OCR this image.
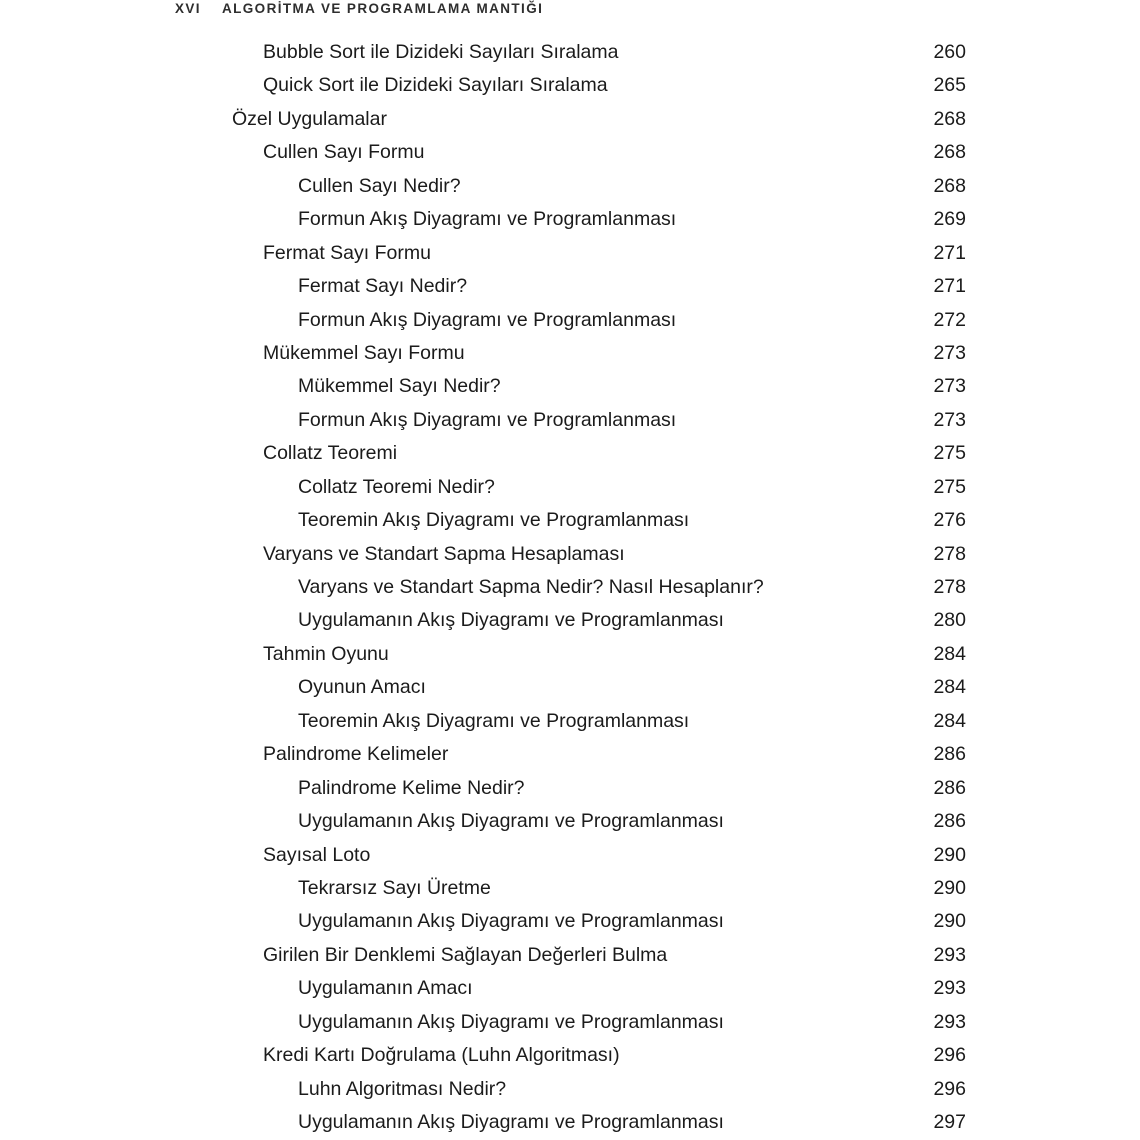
XVI ALGORİTMA VE PROGRAMLAMA MANTIĞI
Bubble Sort ile Dizideki Sayıları Sıralama	260
Quick Sort ile Dizideki Sayıları Sıralama	265
Özel Uygulamalar	268
Cullen Sayı Formu	268
Cullen Sayı Nedir?	268
Formun Akış Diyagramı ve Programlanması	269
Fermat Sayı Formu	271
Fermat Sayı Nedir?	271
Formun Akış Diyagramı ve Programlanması	272
Mükemmel Sayı Formu	273
Mükemmel Sayı Nedir?	273
Formun Akış Diyagramı ve Programlanması	273
Collatz Teoremi	275
Collatz Teoremi Nedir?	275
Teoremin Akış Diyagramı ve Programlanması	276
Varyans ve Standart Sapma Hesaplaması	278
Varyans ve Standart Sapma Nedir? Nasıl Hesaplanır?	278
Uygulamanın Akış Diyagramı ve Programlanması	280
Tahmin Oyunu	284
Oyunun Amacı	284
Teoremin Akış Diyagramı ve Programlanması	284
Palindrome Kelimeler	286
Palindrome Kelime Nedir?	286
Uygulamanın Akış Diyagramı ve Programlanması	286
Sayısal Loto	290
Tekrarsız Sayı Üretme	290
Uygulamanın Akış Diyagramı ve Programlanması	290
Girilen Bir Denklemi Sağlayan Değerleri Bulma	293
Uygulamanın Amacı	293
Uygulamanın Akış Diyagramı ve Programlanması	293
Kredi Kartı Doğrulama (Luhn Algoritması)	296
Luhn Algoritması Nedir?	296
Uygulamanın Akış Diyagramı ve Programlanması	297
